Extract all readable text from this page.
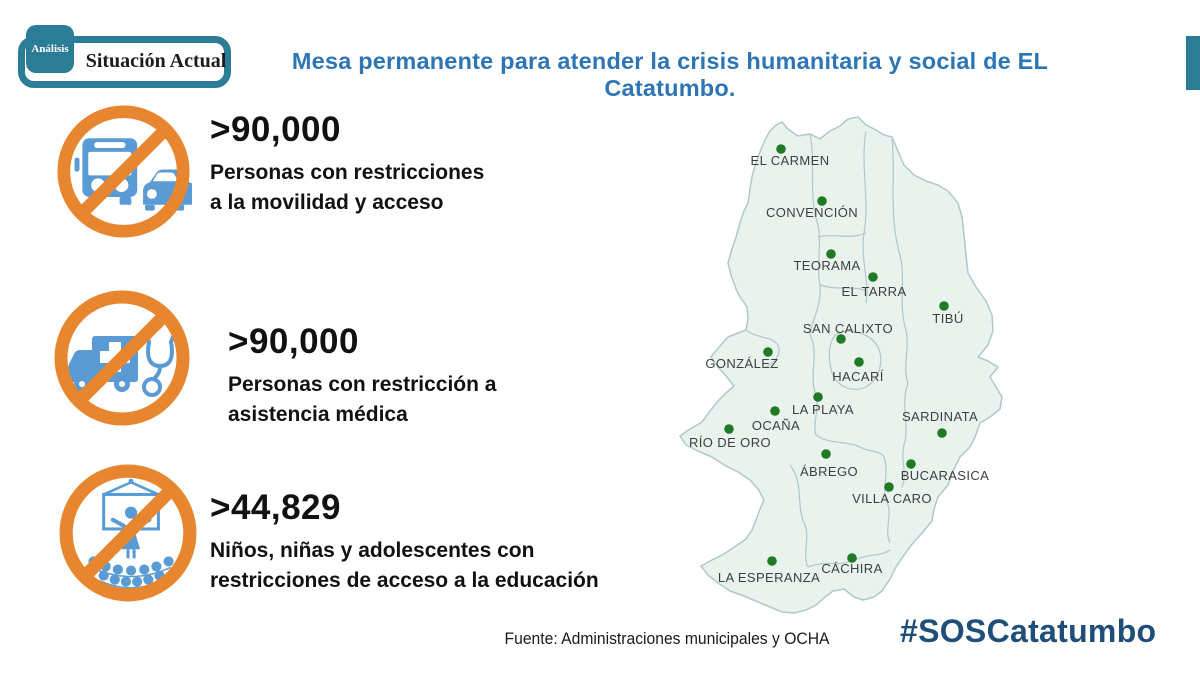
Análisis
Situación Actual	Mesa permanente para atender la crisis humanitaria y social de EL Catatumbo.
>90,000
Personas con restricciones
a la movilidad y acceso
>90,000
Personas con restricción a
asistencia médica
>44,829
Niños, niñas y adolescentes con
restricciones de acceso a la educación
EL CARMEN
CONVENCIÓN
TEORAMA
EL TARRA
TIBÚ
SAN CALIXTO
GONZÁLEZ
HACARÍ
LA PLAYA
OCAÑA
RÍO DE ORO
SARDINATA
ÁBREGO	BUCARASICA
VILLA CARO
CÁCHIRA
LA ESPERANZA
Fuente: Administraciones municipales y OCHA	#SOSCatatumbo
